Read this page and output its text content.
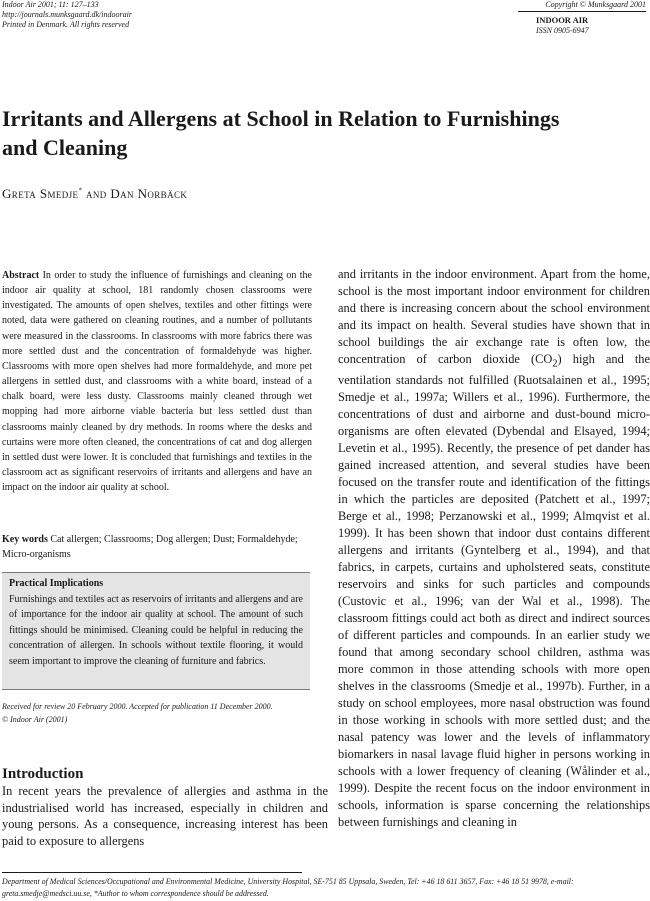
Indoor Air 2001; 11: 127–133
http://journals.munksgaard.dk/indoorair
Printed in Denmark. All rights reserved
Copyright © Munksgaard 2001
INDOOR AIR
ISSN 0905-6947
Irritants and Allergens at School in Relation to Furnishings and Cleaning

Greta Smedje* and Dan Norbäck

Abstract In order to study the influence of furnishings and cleaning on the indoor air quality at school, 181 randomly chosen classrooms were investigated. The amounts of open shelves, textiles and other fittings were noted, data were gathered on cleaning routines, and a number of pollutants were measured in the classrooms. In classrooms with more fabrics there was more settled dust and the concentration of formaldehyde was higher. Classrooms with more open shelves had more formaldehyde, and more pet allergens in settled dust, and classrooms with a white board, instead of a chalk board, were less dusty. Classrooms mainly cleaned through wet mopping had more airborne viable bacteria but less settled dust than classrooms mainly cleaned by dry methods. In rooms where the desks and curtains were more often cleaned, the concentrations of cat and dog allergen in settled dust were lower. It is concluded that furnishings and textiles in the classroom act as significant reservoirs of irritants and allergens and have an impact on the indoor air quality at school.

Key words Cat allergen; Classrooms; Dog allergen; Dust; Formaldehyde; Micro-organisms

Practical Implications

Furnishings and textiles act as reservoirs of irritants and allergens and are of importance for the indoor air quality at school. The amount of such fittings should be minimised. Cleaning could be helpful in reducing the concentration of allergen. In schools without textile flooring, it would seem important to improve the cleaning of furniture and fabrics.

Received for review 20 February 2000. Accepted for publication 11 December 2000.
© Indoor Air (2001)
Introduction

In recent years the prevalence of allergies and asthma in the industrialised world has increased, especially in children and young persons. As a consequence, increasing interest has been paid to exposure to allergens

and irritants in the indoor environment. Apart from the home, school is the most important indoor environment for children and there is increasing concern about the school environment and its impact on health. Several studies have shown that in school buildings the air exchange rate is often low, the concentration of carbon dioxide $(CO_2)$ high and the ventilation standards not fulfilled (Ruotsalainen et al., 1995; Smedje et al., 1997a; Willers et al., 1996). Furthermore, the concentrations of dust and airborne and dust-bound micro-organisms are often elevated (Dybendal and Elsayed, 1994; Levetin et al., 1995). Recently, the presence of pet dander has gained increased attention, and several studies have been focused on the transfer route and identification of the fittings in which the particles are deposited (Patchett et al., 1997; Berge et al., 1998; Perzanowski et al., 1999; Almqvist et al. 1999). It has been shown that indoor dust contains different allergens and irritants (Gyntelberg et al., 1994), and that fabrics, in carpets, curtains and upholstered seats, constitute reservoirs and sinks for such particles and compounds (Custovic et al., 1996; van der Wal et al., 1998). The classroom fittings could act both as direct and indirect sources of different particles and compounds. In an earlier study we found that among secondary school children, asthma was more common in those attending schools with more open shelves in the classrooms (Smedje et al., 1997b). Further, in a study on school employees, more nasal obstruction was found in those working in schools with more settled dust; and the nasal patency was lower and the levels of inflammatory biomarkers in nasal lavage fluid higher in persons working in schools with a lower frequency of cleaning (Wålinder et al., 1999). Despite the recent focus on the indoor environment in schools, information is sparse concerning the relationships between furnishings and cleaning in

Department of Medical Sciences/Occupational and Environmental Medicine, University Hospital, SE-751 85 Uppsala, Sweden, Tel: +46 18 611 3657, Fax: +46 18 51 9978, e-mail: greta.smedje@medsci.uu.se, *Author to whom correspondence should be addressed.
